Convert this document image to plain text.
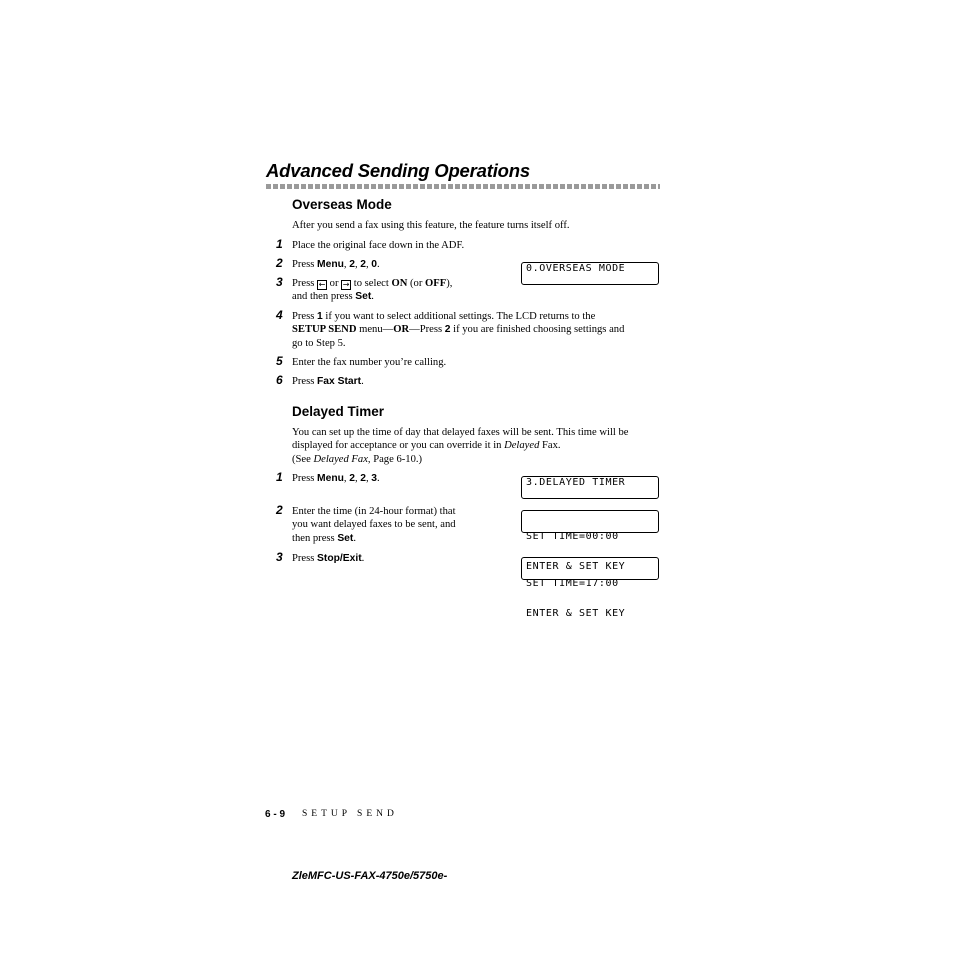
Advanced Sending Operations
Overseas Mode
After you send a fax using this feature, the feature turns itself off.
1 Place the original face down in the ADF.
2 Press Menu, 2, 2, 0.
3 Press ← or → to select ON (or OFF),
and then press Set.
0.OVERSEAS MODE
4 Press 1 if you want to select additional settings. The LCD returns to the
SETUP SEND menu—OR—Press 2 if you are finished choosing settings and
go to Step 5.
5 Enter the fax number you’re calling.
6 Press Fax Start.
Delayed Timer
You can set up the time of day that delayed faxes will be sent. This time will be
displayed for acceptance or you can override it in Delayed Fax.
(See Delayed Fax, Page 6-10.)
1 Press Menu, 2, 2, 3.	3.DELAYED TIMER
2 Enter the time (in 24-hour format) that
you want delayed faxes to be sent, and
then press Set.

	SET TIME=00:00

ENTER & SET KEY

3 Press Stop/Exit.

SET TIME=17:00

ENTER & SET KEY

6 - 9 SETUP SEND
ZleMFC-US-FAX-4750e/5750e-
